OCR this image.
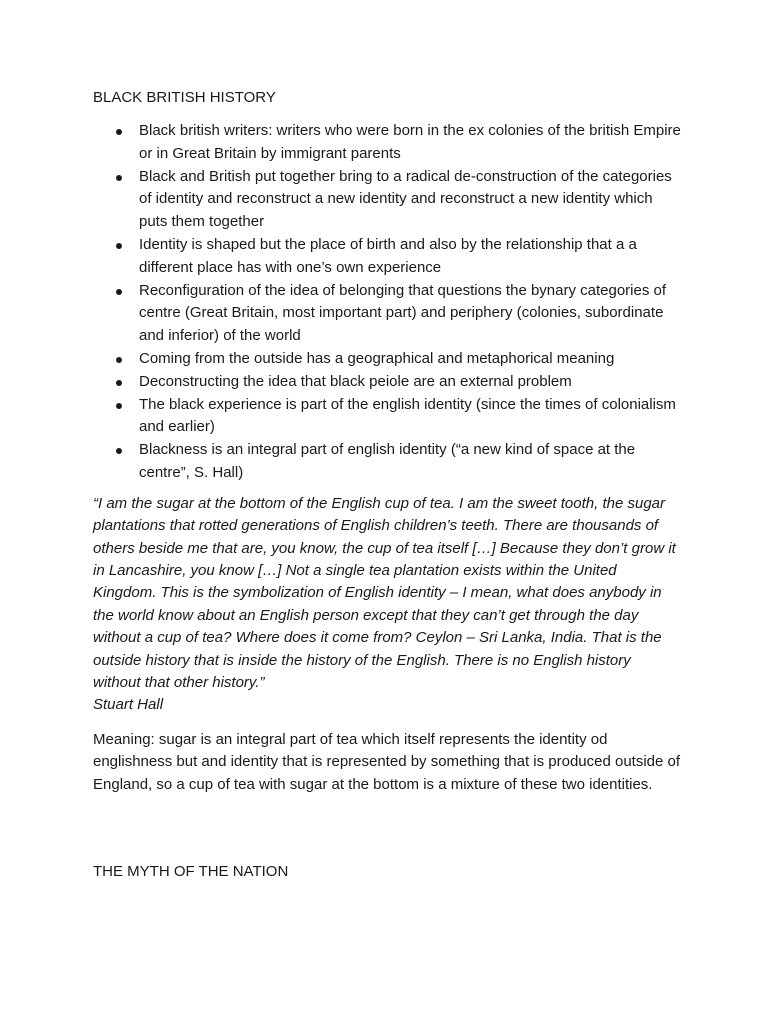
BLACK BRITISH HISTORY
Black british writers: writers who were born in the ex colonies of the british Empire or in Great Britain by immigrant parents
Black and British put together bring to a radical de-construction of the categories of identity and reconstruct a new identity and reconstruct a new identity which puts them together
Identity is shaped but the place of birth and also by the relationship that a a different place has with one’s own experience
Reconfiguration of the idea of belonging that questions the bynary categories of centre (Great Britain, most important part) and periphery (colonies, subordinate and inferior) of the world
Coming from the outside has a geographical and metaphorical meaning
Deconstructing the idea that black peiole are an external problem
The black experience is part of the english identity (since the times of colonialism and earlier)
Blackness is an integral part of english identity (“a new kind of space at the centre”, S. Hall)

“I am the sugar at the bottom of the English cup of tea. I am the sweet tooth, the sugar plantations that rotted generations of English children’s teeth. There are thousands of others beside me that are, you know, the cup of tea itself […] Because they don’t grow it in Lancashire, you know […] Not a single tea plantation exists within the United Kingdom. This is the symbolization of English identity – I mean, what does anybody in the world know about an English person except that they can’t get through the day without a cup of tea? Where does it come from? Ceylon – Sri Lanka, India. That is the outside history that is inside the history of the English. There is no English history without that other history.”
Stuart Hall

Meaning: sugar is an integral part of tea which itself represents the identity od englishness but and identity that is represented by something that is produced outside of England, so a cup of tea with sugar at the bottom is a mixture of these two identities.

THE MYTH OF THE NATION
